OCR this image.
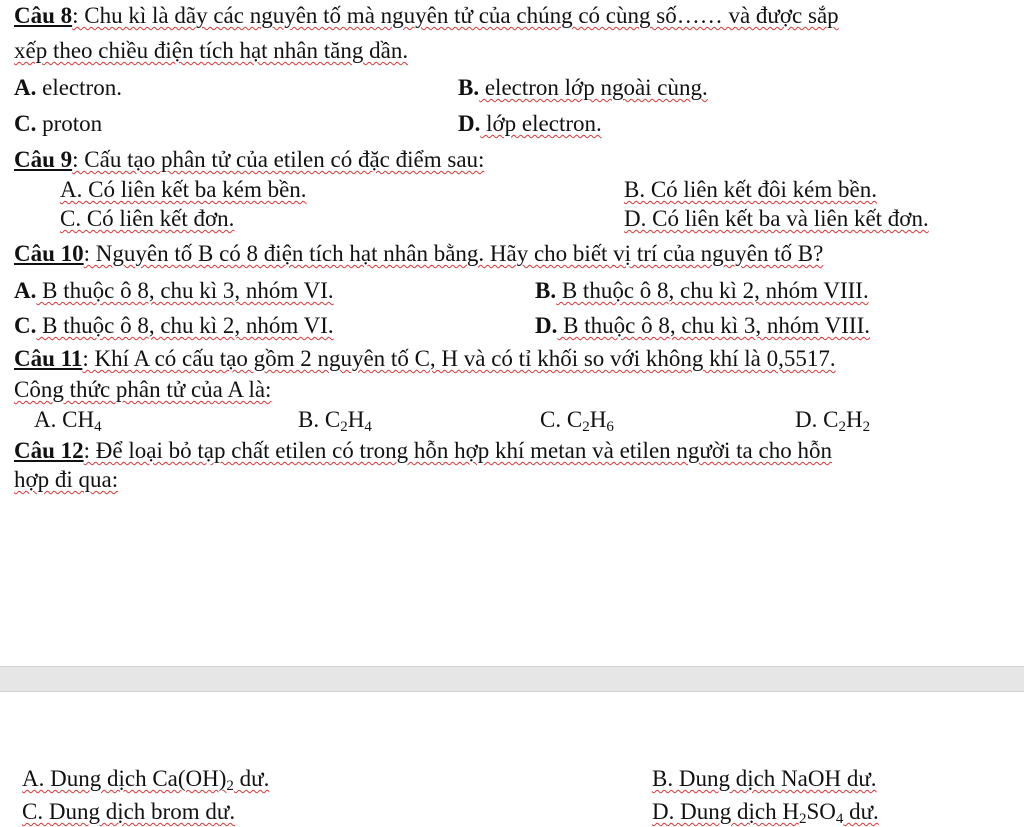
Câu 8: Chu kì là dãy các nguyên tố mà nguyên tử của chúng có cùng số…… và được sắp
xếp theo chiều điện tích hạt nhân tăng dần.
A. electron.	B. electron lớp ngoài cùng.
C. proton	D. lớp electron.
Câu 9: Cấu tạo phân tử của etilen có đặc điểm sau:
A. Có liên kết ba kém bền.	B. Có liên kết đôi kém bền.
C. Có liên kết đơn.	D. Có liên kết ba và liên kết đơn.
Câu 10: Nguyên tố B có 8 điện tích hạt nhân bằng. Hãy cho biết vị trí của nguyên tố B?
A. B thuộc ô 8, chu kì 3, nhóm VI.	B. B thuộc ô 8, chu kì 2, nhóm VIII.
C. B thuộc ô 8, chu kì 2, nhóm VI.	D. B thuộc ô 8, chu kì 3, nhóm VIII.
Câu 11: Khí A có cấu tạo gồm 2 nguyên tố C, H và có tỉ khối so với không khí là 0,5517.
Công thức phân tử của A là:
A. $CH_4$	B. $C_2H_4$	C. $C_2H_6$	D. $C_2H_2$
Câu 12: Để loại bỏ tạp chất etilen có trong hỗn hợp khí metan và etilen người ta cho hỗn
hợp đi qua:
A. Dung dịch $Ca(OH)_2$ dư.	B. Dung dịch NaOH dư.
C. Dung dịch brom dư.	D. Dung dịch $H_2SO_4$ dư.
